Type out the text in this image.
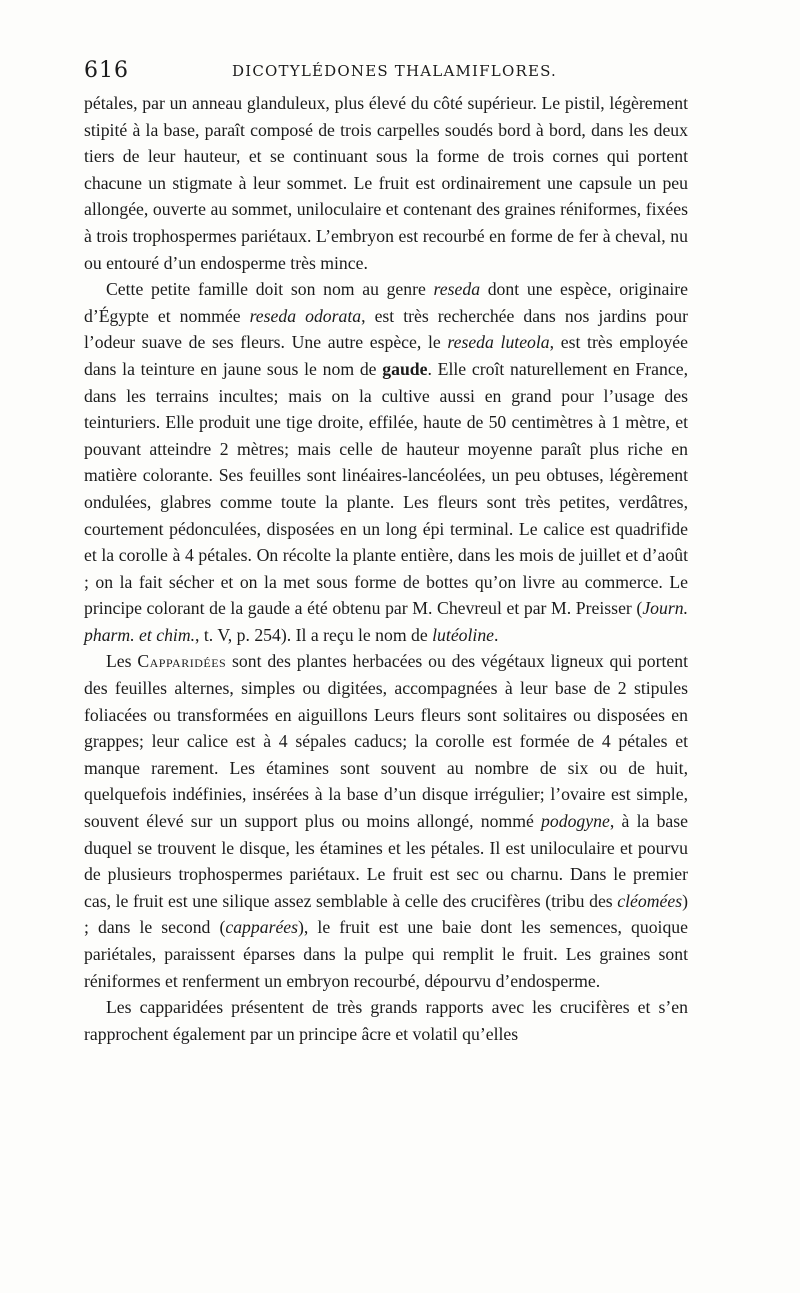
616	DICOTYLÉDONES THALAMIFLORES.

pétales, par un anneau glanduleux, plus élevé du côté supérieur. Le pistil, légèrement stipité à la base, paraît composé de trois carpelles soudés bord à bord, dans les deux tiers de leur hauteur, et se continuant sous la forme de trois cornes qui portent chacune un stigmate à leur sommet. Le fruit est ordinairement une capsule un peu allongée, ouverte au sommet, uniloculaire et contenant des graines réniformes, fixées à trois trophospermes pariétaux. L’embryon est recourbé en forme de fer à cheval, nu ou entouré d’un endosperme très mince.

Cette petite famille doit son nom au genre reseda dont une espèce, originaire d’Égypte et nommée reseda odorata, est très recherchée dans nos jardins pour l’odeur suave de ses fleurs. Une autre espèce, le reseda luteola, est très employée dans la teinture en jaune sous le nom de gaude. Elle croît naturellement en France, dans les terrains incultes; mais on la cultive aussi en grand pour l’usage des teinturiers. Elle produit une tige droite, effilée, haute de 50 centimètres à 1 mètre, et pouvant atteindre 2 mètres; mais celle de hauteur moyenne paraît plus riche en matière colorante. Ses feuilles sont linéaires-lancéolées, un peu obtuses, légèrement ondulées, glabres comme toute la plante. Les fleurs sont très petites, verdâtres, courtement pédonculées, disposées en un long épi terminal. Le calice est quadrifide et la corolle à 4 pétales. On récolte la plante entière, dans les mois de juillet et d’août ; on la fait sécher et on la met sous forme de bottes qu’on livre au commerce. Le principe colorant de la gaude a été obtenu par M. Chevreul et par M. Preisser (Journ. pharm. et chim., t. V, p. 254). Il a reçu le nom de lutéoline.

Les Capparidées sont des plantes herbacées ou des végétaux ligneux qui portent des feuilles alternes, simples ou digitées, accompagnées à leur base de 2 stipules foliacées ou transformées en aiguillons Leurs fleurs sont solitaires ou disposées en grappes; leur calice est à 4 sépales caducs; la corolle est formée de 4 pétales et manque rarement. Les étamines sont souvent au nombre de six ou de huit, quelquefois indéfinies, insérées à la base d’un disque irrégulier; l’ovaire est simple, souvent élevé sur un support plus ou moins allongé, nommé podogyne, à la base duquel se trouvent le disque, les étamines et les pétales. Il est uniloculaire et pourvu de plusieurs trophospermes pariétaux. Le fruit est sec ou charnu. Dans le premier cas, le fruit est une silique assez semblable à celle des crucifères (tribu des cléomées) ; dans le second (capparées), le fruit est une baie dont les semences, quoique pariétales, paraissent éparses dans la pulpe qui remplit le fruit. Les graines sont réniformes et renferment un embryon recourbé, dépourvu d’endosperme.

Les capparidées présentent de très grands rapports avec les crucifères et s’en rapprochent également par un principe âcre et volatil qu’elles
